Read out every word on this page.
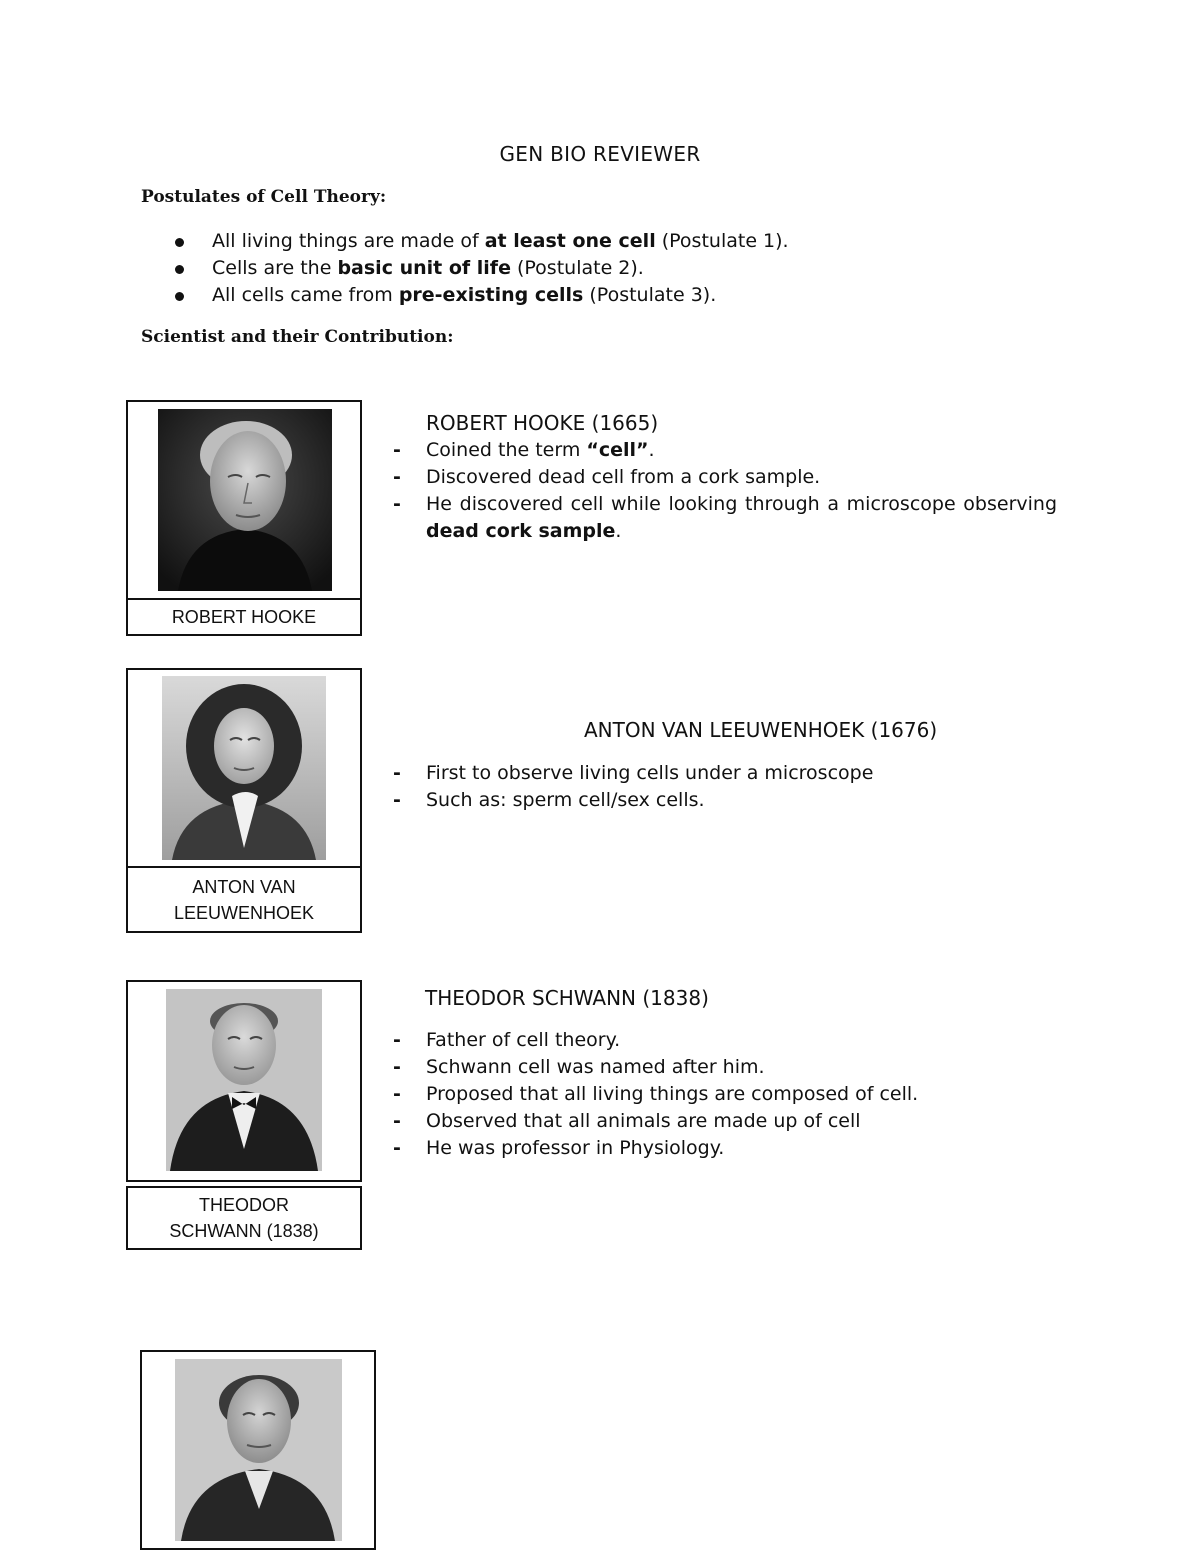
GEN BIO REVIEWER
Postulates of Cell Theory:
All living things are made of at least one cell (Postulate 1).
Cells are the basic unit of life (Postulate 2).
All cells came from pre-existing cells (Postulate 3).
Scientist and their Contribution:
ROBERT HOOKE
ROBERT HOOKE (1665)
- Coined the term “cell”.
- Discovered dead cell from a cork sample.
- He discovered cell while looking through a microscope observing dead cork sample.
ANTON VAN
LEEUWENHOEK
ANTON VAN LEEUWENHOEK (1676)
- First to observe living cells under a microscope
- Such as: sperm cell/sex cells.
THEODOR
SCHWANN (1838)
THEODOR SCHWANN (1838)
- Father of cell theory.
- Schwann cell was named after him.
- Proposed that all living things are composed of cell.
- Observed that all animals are made up of cell
- He was professor in Physiology.
